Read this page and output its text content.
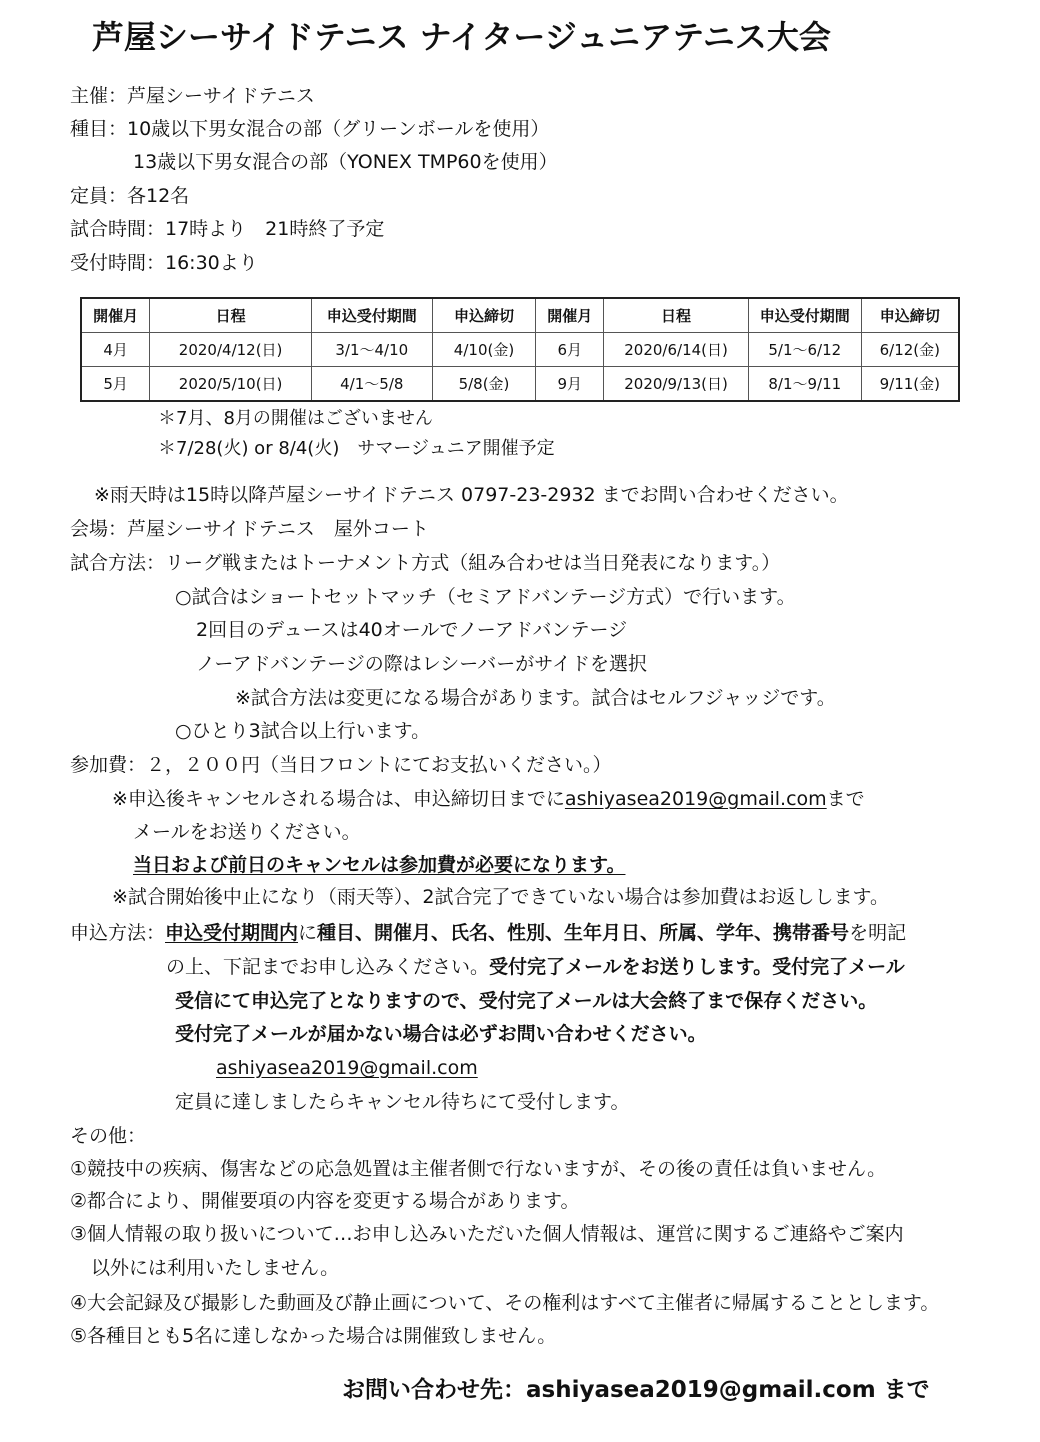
芦屋シーサイドテニス ナイタージュニアテニス大会
主催：芦屋シーサイドテニス
種目：10歳以下男女混合の部（グリーンボールを使用）
13歳以下男女混合の部（YONEX TMP60を使用）
定員：各12名
試合時間：17時より　21時終了予定
受付時間：16:30より
開催月	日程	申込受付期間	申込締切	開催月	日程	申込受付期間	申込締切
4月	2020/4/12(日)	3/1～4/10	4/10(金)	6月	2020/6/14(日)	5/1～6/12	6/12(金)
5月	2020/5/10(日)	4/1～5/8	5/8(金)	9月	2020/9/13(日)	8/1～9/11	9/11(金)
＊7月、8月の開催はございません
＊7/28(火) or 8/4(火)　サマージュニア開催予定
※雨天時は15時以降芦屋シーサイドテニス 0797-23-2932 までお問い合わせください。
会場：芦屋シーサイドテニス　屋外コート
試合方法：リーグ戦またはトーナメント方式（組み合わせは当日発表になります。）
○試合はショートセットマッチ（セミアドバンテージ方式）で行います。
2回目のデュースは40オールでノーアドバンテージ
ノーアドバンテージの際はレシーバーがサイドを選択
※試合方法は変更になる場合があります。試合はセルフジャッジです。
○ひとり3試合以上行います。
参加費：２，２００円（当日フロントにてお支払いください。）
※申込後キャンセルされる場合は、申込締切日までにashiyasea2019@gmail.comまで
メールをお送りください。
当日および前日のキャンセルは参加費が必要になります。
※試合開始後中止になり（雨天等）、2試合完了できていない場合は参加費はお返しします。
申込方法：申込受付期間内に種目、開催月、氏名、性別、生年月日、所属、学年、携帯番号を明記
の上、下記までお申し込みください。受付完了メールをお送りします。受付完了メール
受信にて申込完了となりますので、受付完了メールは大会終了まで保存ください。
受付完了メールが届かない場合は必ずお問い合わせください。
ashiyasea2019@gmail.com
定員に達しましたらキャンセル待ちにて受付します。
その他：
①競技中の疾病、傷害などの応急処置は主催者側で行ないますが、その後の責任は負いません。
②都合により、開催要項の内容を変更する場合があります。
③個人情報の取り扱いについて…お申し込みいただいた個人情報は、運営に関するご連絡やご案内
以外には利用いたしません。
④大会記録及び撮影した動画及び静止画について、その権利はすべて主催者に帰属することとします。
⑤各種目とも5名に達しなかった場合は開催致しません。
お問い合わせ先：ashiyasea2019@gmail.com まで
